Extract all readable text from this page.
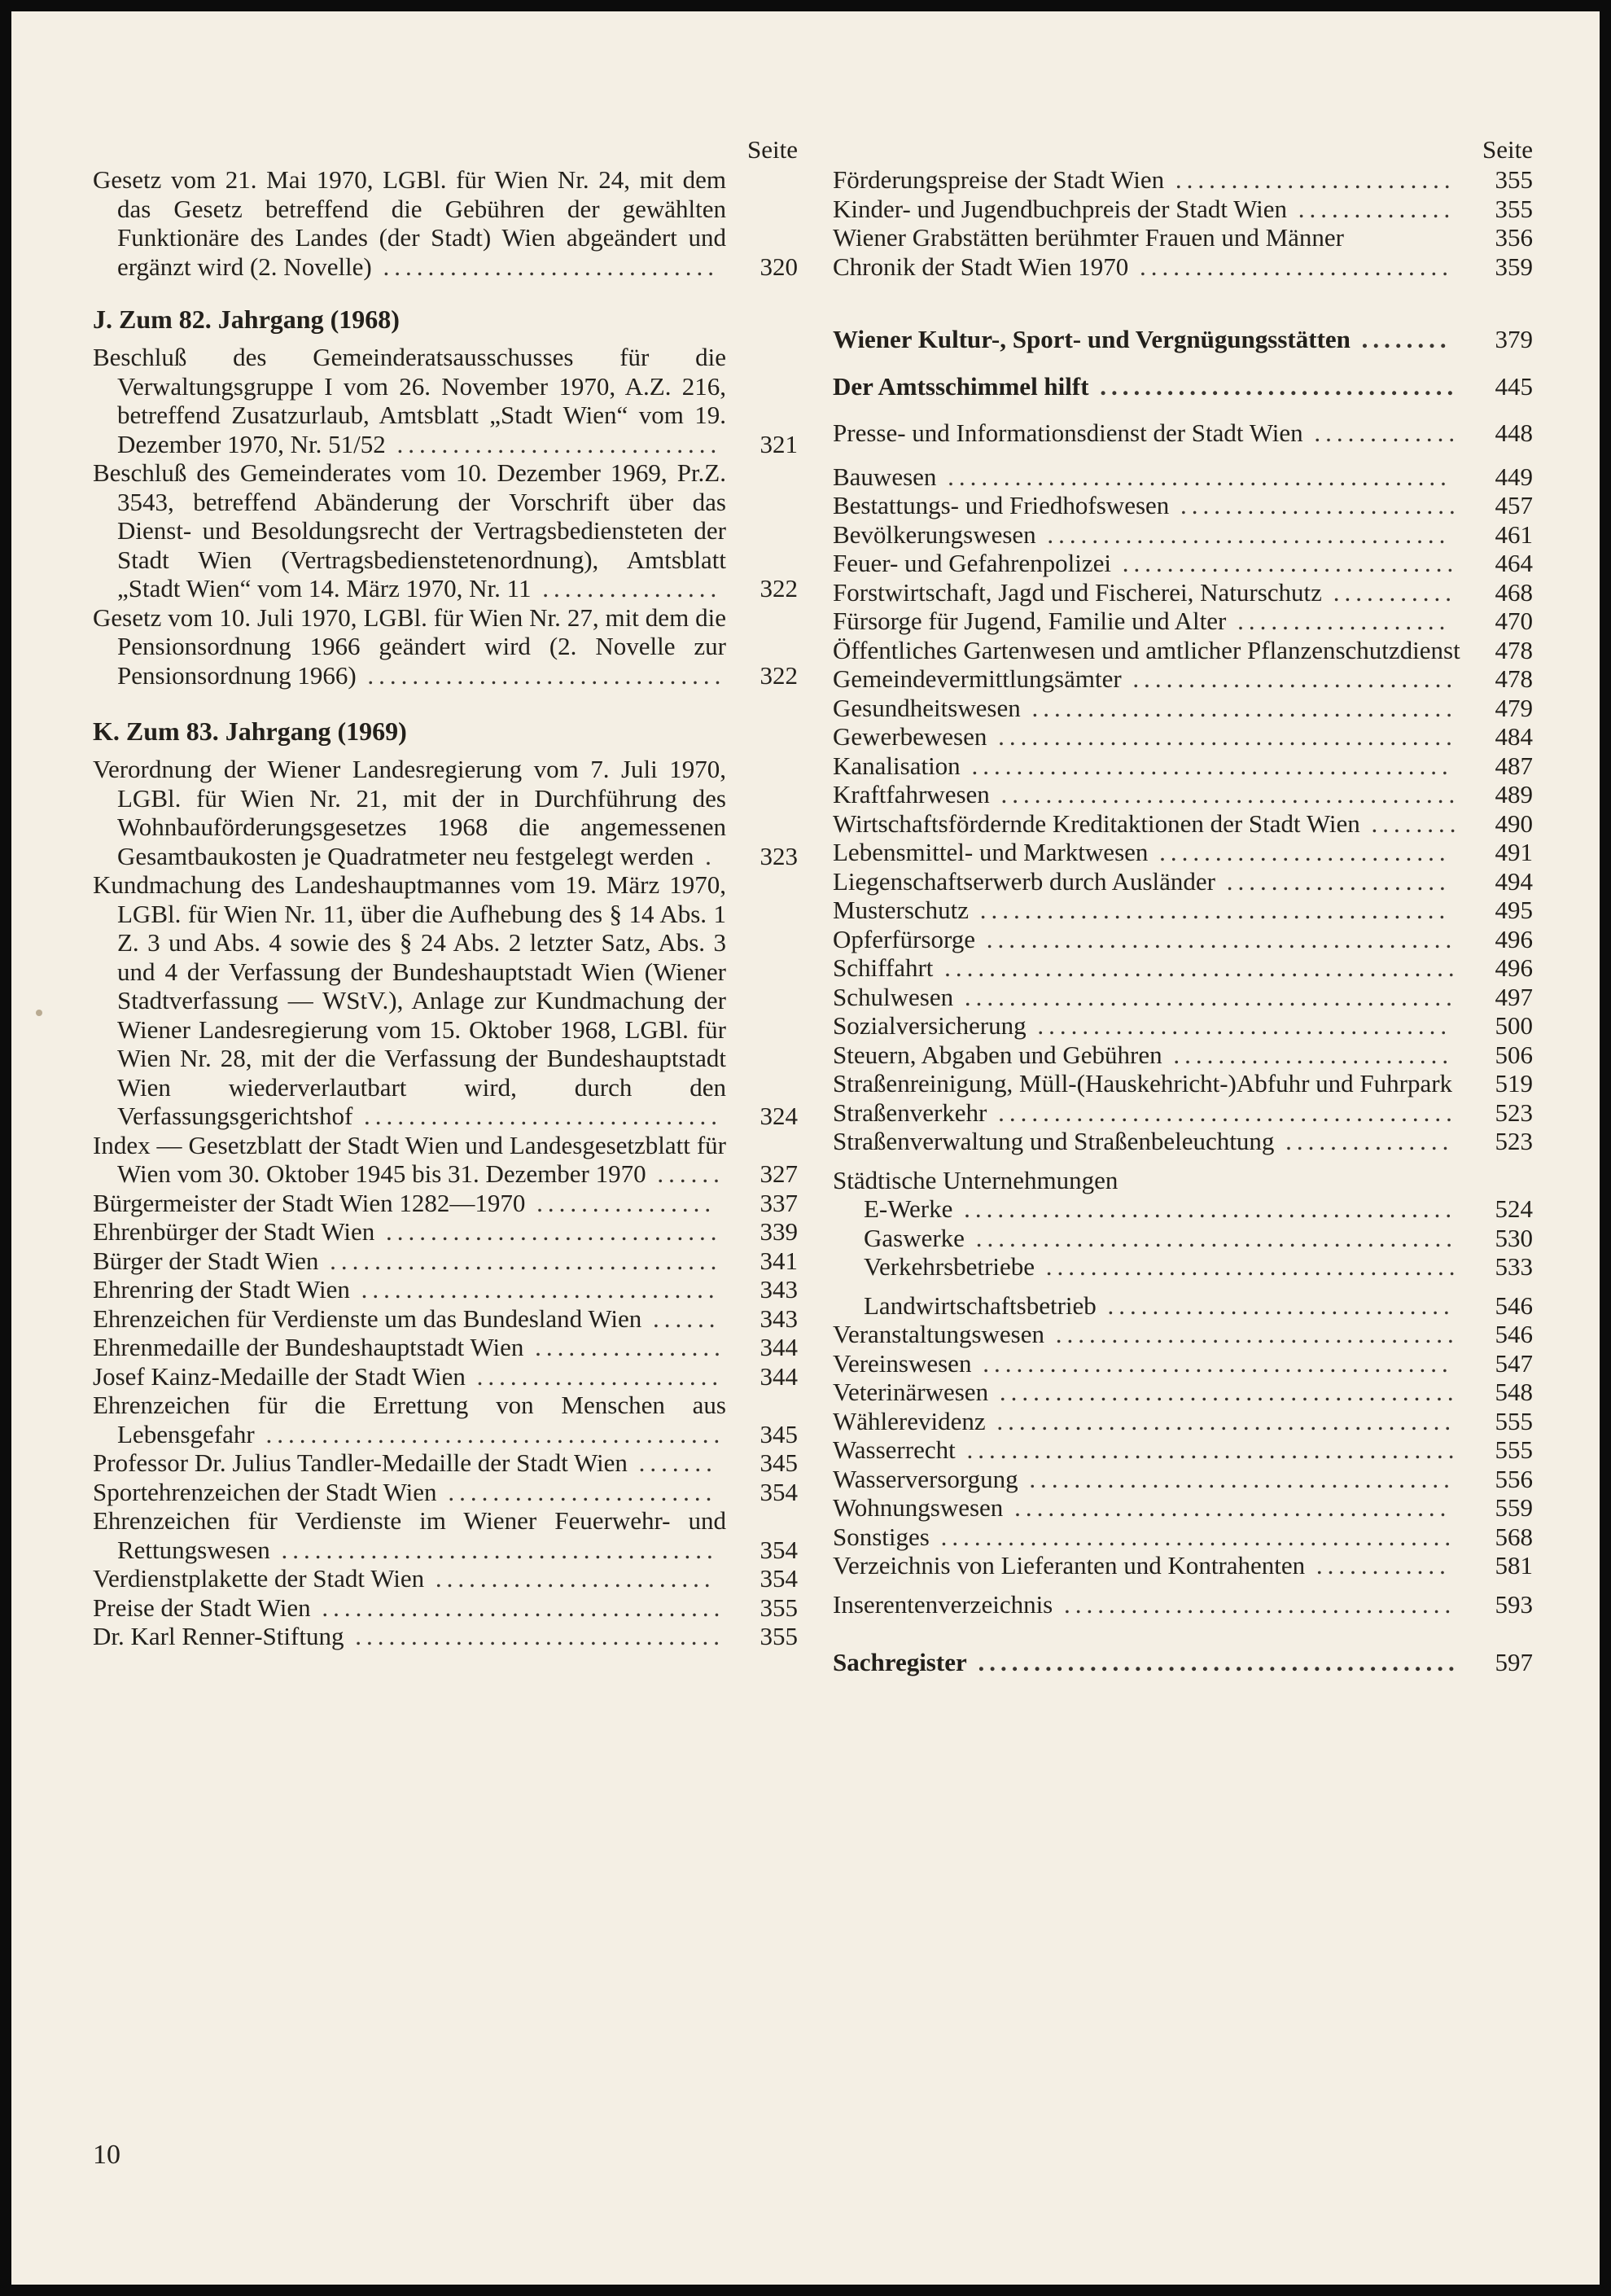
Seite
Gesetz vom 21. Mai 1970, LGBl. für Wien Nr. 24, mit dem das Gesetz betreffend die Gebühren der gewählten Funktionäre des Landes (der Stadt) Wien abgeändert und ergänzt wird (2. Novelle) ..............................	320
J. Zum 82. Jahrgang (1968)
Beschluß des Gemeinderatsausschusses für die Verwaltungsgruppe I vom 26. November 1970, A.Z. 216, betreffend Zusatzurlaub, Amtsblatt „Stadt Wien“ vom 19. Dezember 1970, Nr. 51/52 .............................	321
Beschluß des Gemeinderates vom 10. Dezember 1969, Pr.Z. 3543, betreffend Abänderung der Vorschrift über das Dienst- und Besoldungsrecht der Vertragsbediensteten der Stadt Wien (Vertragsbedienstetenordnung), Amtsblatt „Stadt Wien“ vom 14. März 1970, Nr. 11 ................	322
Gesetz vom 10. Juli 1970, LGBl. für Wien Nr. 27, mit dem die Pensionsordnung 1966 geändert wird (2. Novelle zur Pensionsordnung 1966) ................................	322
K. Zum 83. Jahrgang (1969)
Verordnung der Wiener Landesregierung vom 7. Juli 1970, LGBl. für Wien Nr. 21, mit der in Durchführung des Wohnbauförderungsgesetzes 1968 die angemessenen Gesamtbaukosten je Quadratmeter neu festgelegt werden .	323
Kundmachung des Landeshauptmannes vom 19. März 1970, LGBl. für Wien Nr. 11, über die Aufhebung des § 14 Abs. 1 Z. 3 und Abs. 4 sowie des § 24 Abs. 2 letzter Satz, Abs. 3 und 4 der Verfassung der Bundeshauptstadt Wien (Wiener Stadtverfassung — WStV.), Anlage zur Kundmachung der Wiener Landesregierung vom 15. Oktober 1968, LGBl. für Wien Nr. 28, mit der die Verfassung der Bundeshauptstadt Wien wiederverlautbart wird, durch den Verfassungsgerichtshof ................................	324
Index — Gesetzblatt der Stadt Wien und Landesgesetzblatt für Wien vom 30. Oktober 1945 bis 31. Dezember 1970 ......	327
Bürgermeister der Stadt Wien 1282—1970 ................	337
Ehrenbürger der Stadt Wien ..............................	339
Bürger der Stadt Wien ...................................	341
Ehrenring der Stadt Wien ................................	343
Ehrenzeichen für Verdienste um das Bundesland Wien ......	343
Ehrenmedaille der Bundeshauptstadt Wien .................	344
Josef Kainz-Medaille der Stadt Wien ......................	344
Ehrenzeichen für die Errettung von Menschen aus Lebensgefahr .........................................	345
Professor Dr. Julius Tandler-Medaille der Stadt Wien .......	345
Sportehrenzeichen der Stadt Wien ........................	354
Ehrenzeichen für Verdienste im Wiener Feuerwehr- und Rettungswesen .......................................	354
Verdienstplakette der Stadt Wien .........................	354
Preise der Stadt Wien ....................................	355
Dr. Karl Renner-Stiftung .................................	355
Seite
Förderungspreise der Stadt Wien .........................	355
Kinder- und Jugendbuchpreis der Stadt Wien ..............	355
Wiener Grabstätten berühmter Frauen und Männer	356
Chronik der Stadt Wien 1970 ............................	359
Wiener Kultur-, Sport- und Vergnügungsstätten ........	379
Der Amtsschimmel hilft ................................	445
Presse- und Informationsdienst der Stadt Wien .............	448
Bauwesen .............................................	449
Bestattungs- und Friedhofswesen .........................	457
Bevölkerungswesen ....................................	461
Feuer- und Gefahrenpolizei ..............................	464
Forstwirtschaft, Jagd und Fischerei, Naturschutz ...........	468
Fürsorge für Jugend, Familie und Alter ...................	470
Öffentliches Gartenwesen und amtlicher Pflanzenschutzdienst	478
Gemeindevermittlungsämter .............................	478
Gesundheitswesen ......................................	479
Gewerbewesen .........................................	484
Kanalisation ...........................................	487
Kraftfahrwesen .........................................	489
Wirtschaftsfördernde Kreditaktionen der Stadt Wien ........	490
Lebensmittel- und Marktwesen ..........................	491
Liegenschaftserwerb durch Ausländer ....................	494
Musterschutz ..........................................	495
Opferfürsorge ..........................................	496
Schiffahrt ..............................................	496
Schulwesen ............................................	497
Sozialversicherung .....................................	500
Steuern, Abgaben und Gebühren .........................	506
Straßenreinigung, Müll-(Hauskehricht-)Abfuhr und Fuhrpark	519
Straßenverkehr .........................................	523
Straßenverwaltung und Straßenbeleuchtung ...............	523
Städtische Unternehmungen
E-Werke ............................................	524
Gaswerke ...........................................	530
Verkehrsbetriebe .....................................	533
Landwirtschaftsbetrieb ...............................	546
Veranstaltungswesen ....................................	546
Vereinswesen ..........................................	547
Veterinärwesen .........................................	548
Wählerevidenz .........................................	555
Wasserrecht ............................................	555
Wasserversorgung ......................................	556
Wohnungswesen .......................................	559
Sonstiges ..............................................	568
Verzeichnis von Lieferanten und Kontrahenten ............	581
Inserentenverzeichnis ...................................	593
Sachregister ...........................................	597
10
